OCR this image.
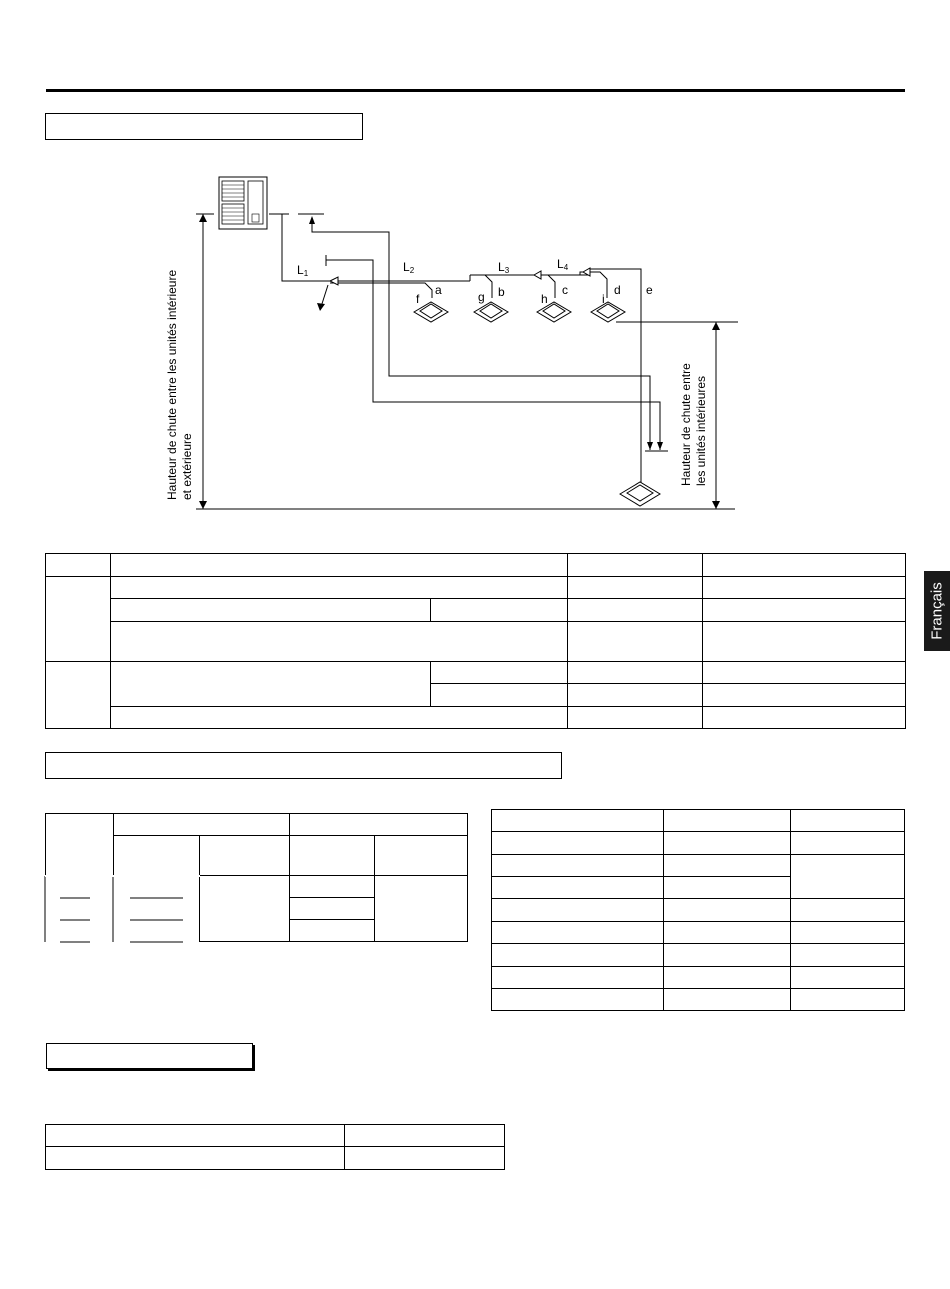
L1	L2	L3	L4
a	b	c	d e
f	g	h	i
Hauteur de chute entre les unités intérieure et extérieure	Hauteur de chute entre les unités intérieures

Français
